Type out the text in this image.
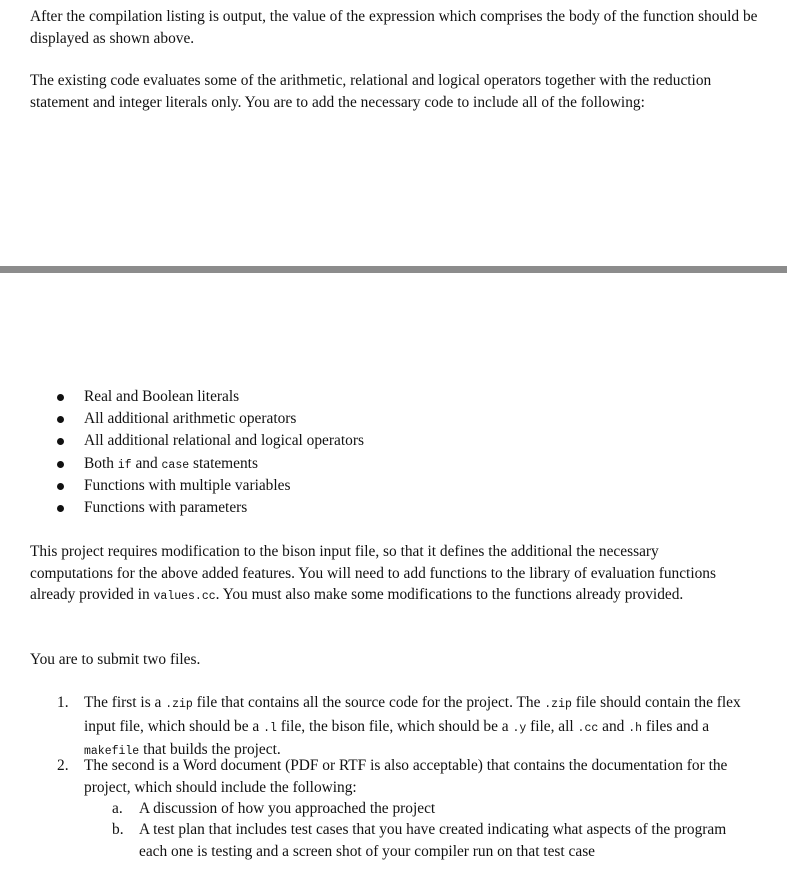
After the compilation listing is output, the value of the expression which comprises the body of the function should be displayed as shown above.

The existing code evaluates some of the arithmetic, relational and logical operators together with the reduction statement and integer literals only. You are to add the necessary code to include all of the following:

Real and Boolean literals
All additional arithmetic operators
All additional relational and logical operators
Both if and case statements
Functions with multiple variables
Functions with parameters

This project requires modification to the bison input file, so that it defines the additional the necessary computations for the above added features. You will need to add functions to the library of evaluation functions already provided in values.cc. You must also make some modifications to the functions already provided.

You are to submit two files.

1. The first is a .zip file that contains all the source code for the project. The .zip file should contain the flex input file, which should be a .l file, the bison file, which should be a .y file, all .cc and .h files and a makefile that builds the project.
2. The second is a Word document (PDF or RTF is also acceptable) that contains the documentation for the project, which should include the following:
a. A discussion of how you approached the project
b. A test plan that includes test cases that you have created indicating what aspects of the program each one is testing and a screen shot of your compiler run on that test case
